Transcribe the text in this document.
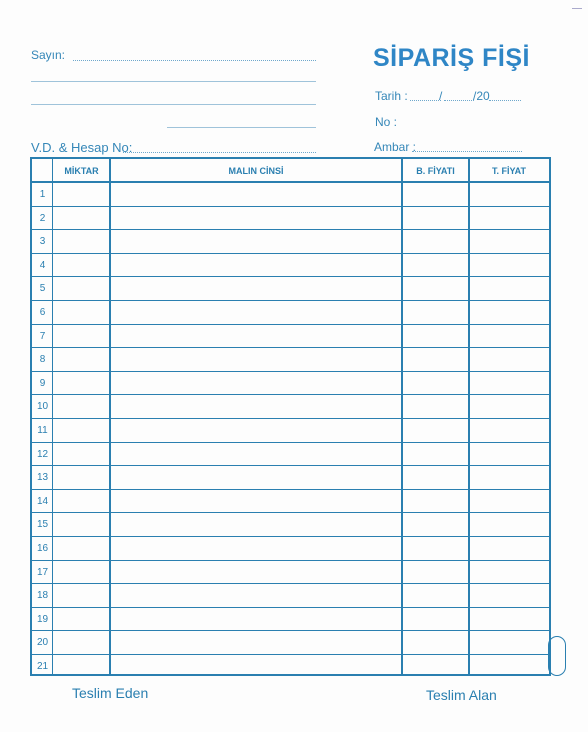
Sayın:
V.D. & Hesap No:
SİPARİŞ FİŞİ
Tarih :	/	/20
No :
Ambar :
MİKTAR	MALIN CİNSİ	B. FİYATI	T. FİYAT
1
2
3
4
5
6
7
8
9
10
11
12
13
14
15
16
17
18
19
20
21
Teslim Eden	Teslim Alan
